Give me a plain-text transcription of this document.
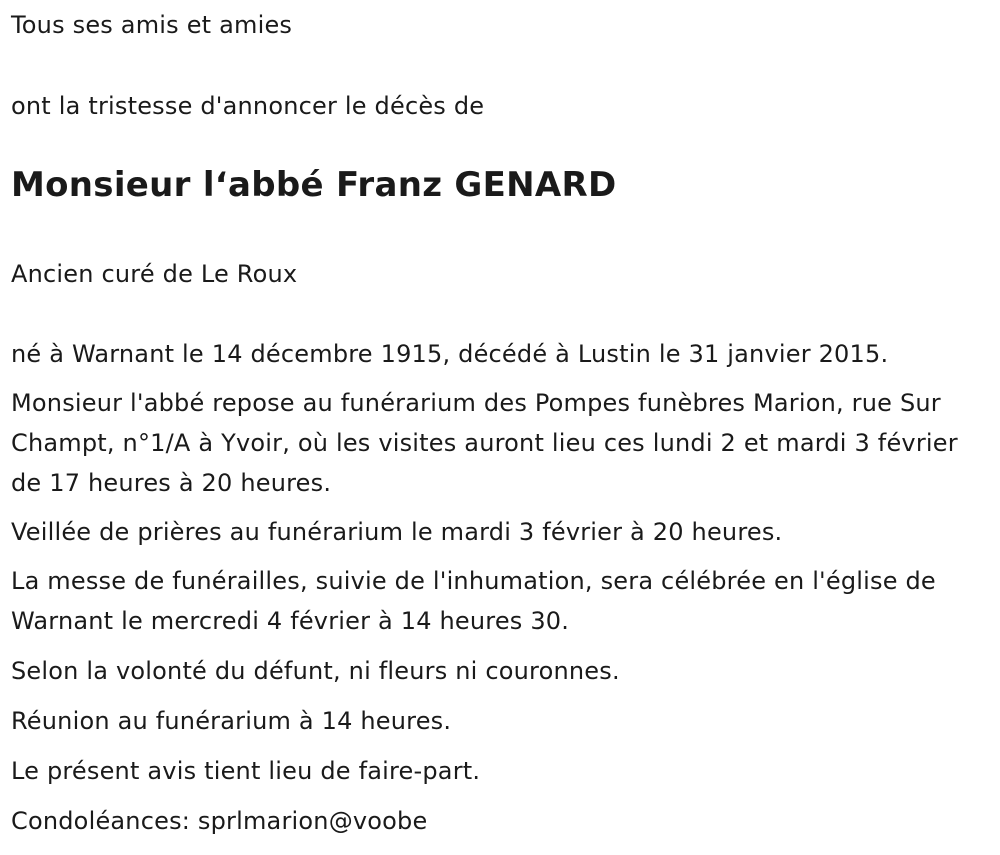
Tous ses amis et amies
ont la tristesse d'annoncer le décès de
Monsieur l‘abbé Franz GENARD
Ancien curé de Le Roux
né à Warnant le 14 décembre 1915, décédé à Lustin le 31 janvier 2015.
Monsieur l'abbé repose au funérarium des Pompes funèbres Marion, rue Sur Champt, n°1/A à Yvoir, où les visites auront lieu ces lundi 2 et mardi 3 février de 17 heures à 20 heures.
Veillée de prières au funérarium le mardi 3 février à 20 heures.
La messe de funérailles, suivie de l'inhumation, sera célébrée en l'église de Warnant le mercredi 4 février à 14 heures 30.
Selon la volonté du défunt, ni fleurs ni couronnes.
Réunion au funérarium à 14 heures.
Le présent avis tient lieu de faire-part.
Condoléances: sprlmarion@voobe
